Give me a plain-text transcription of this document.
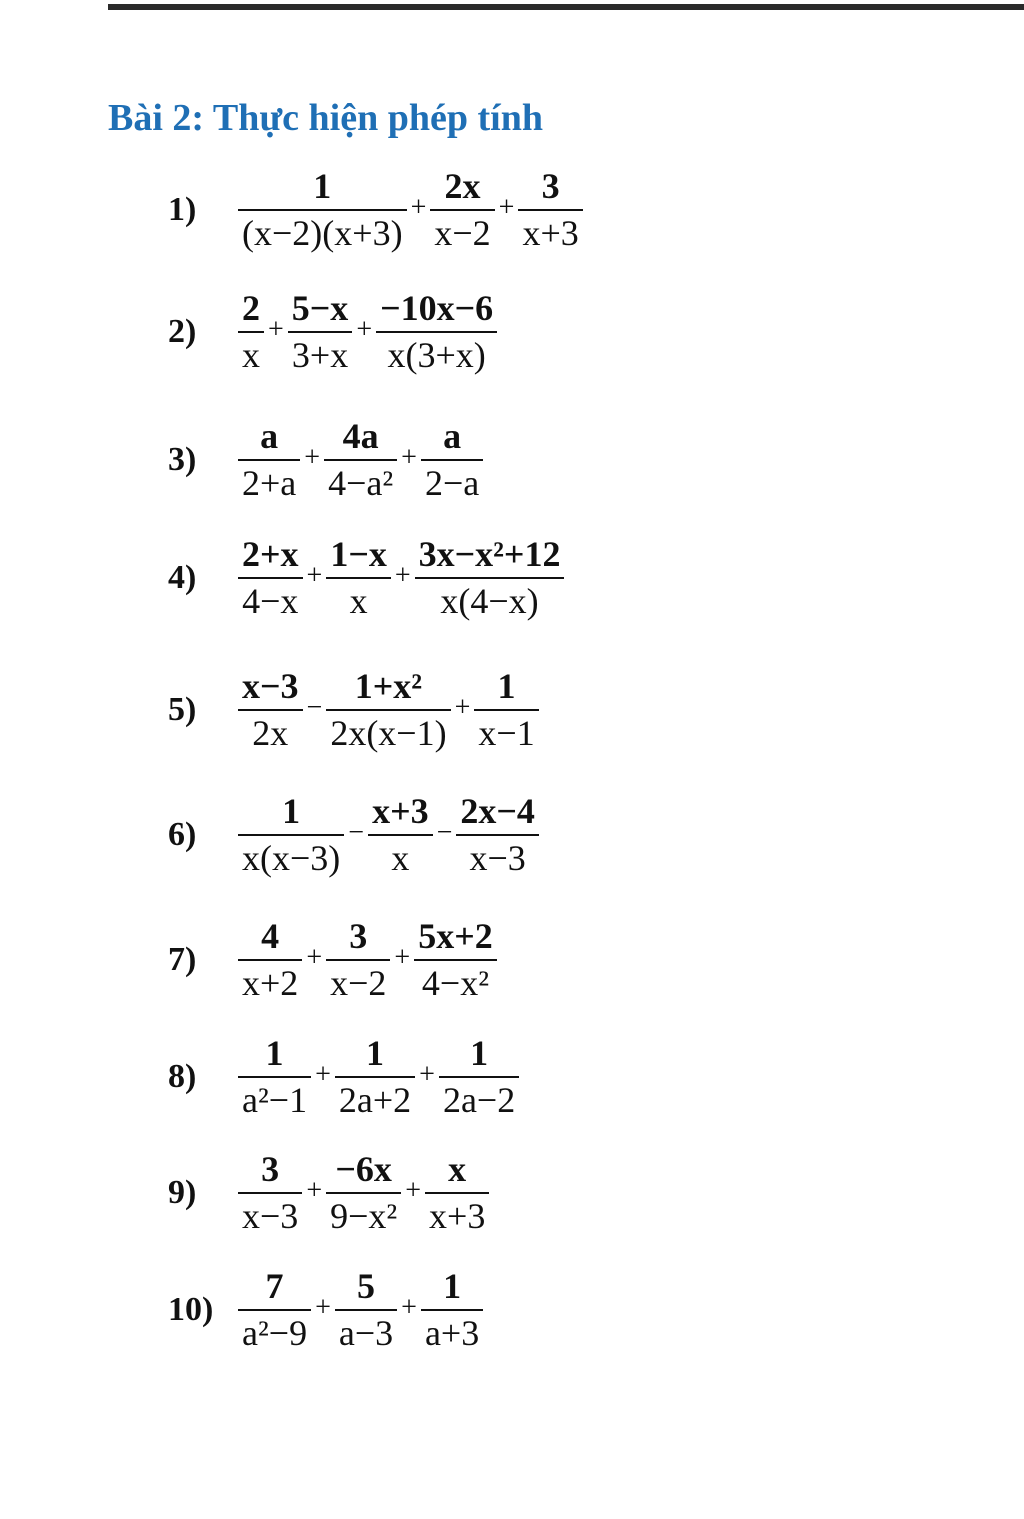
Bài 2: Thực hiện phép tính
1)	$\frac{1}{(x-2)(x+3)} + \frac{2x}{x-2} + \frac{3}{x+3}$
2)	$\frac{2}{x} + \frac{5-x}{3+x} + \frac{-10x-6}{x(3+x)}$
3)	$\frac{a}{2+a} + \frac{4a}{\text{4−a²}} + \frac{a}{2-a}$
4)	$\frac{2+x}{4-x} + \frac{1-x}{x} + \frac{\text{3x−x²+12}}{x(4-x)}$
5)	$\frac{x-3}{2x} - \frac{\text{1+x²}}{2x(x-1)} + \frac{1}{x-1}$
6)	$\frac{1}{x(x-3)} - \frac{x+3}{x} - \frac{2x-4}{x-3}$
7)	$\frac{4}{x+2} + \frac{3}{x-2} + \frac{5x+2}{\text{4−x²}}$
8)	$\frac{1}{\text{a²−1}} + \frac{1}{2a+2} + \frac{1}{2a-2}$
9)	$\frac{3}{x-3} + \frac{-6x}{\text{9−x²}} + \frac{x}{x+3}$
$10) \frac{7}{\text{a²−9}} + \frac{5}{a-3} + \frac{1}{a+3}$
